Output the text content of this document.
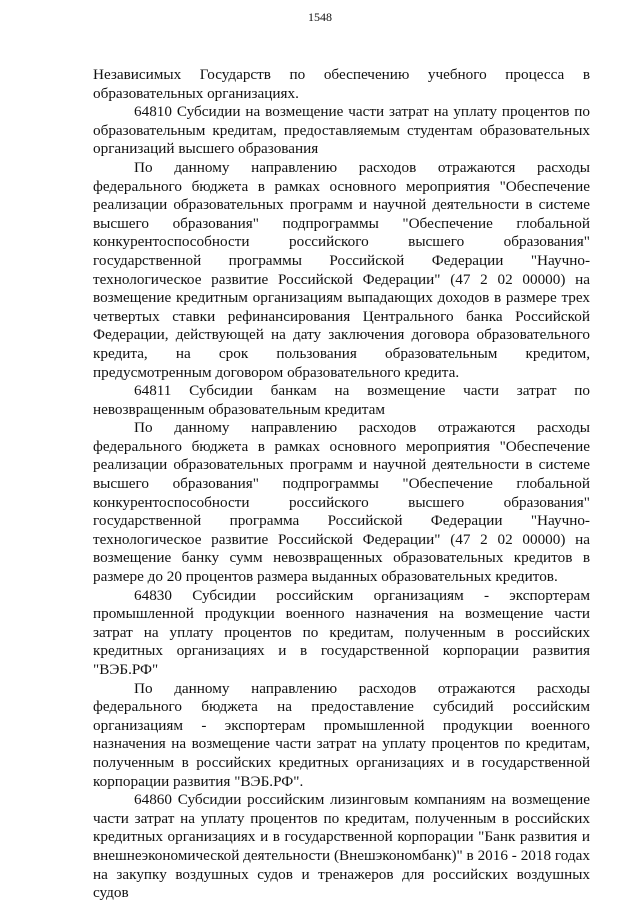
1548

Независимых Государств по обеспечению учебного процесса в образовательных организациях.

64810 Субсидии на возмещение части затрат на уплату процентов по образовательным кредитам, предоставляемым студентам образовательных организаций высшего образования

По данному направлению расходов отражаются расходы федерального бюджета в рамках основного мероприятия "Обеспечение реализации образовательных программ и научной деятельности в системе высшего образования" подпрограммы "Обеспечение глобальной конкурентоспособности российского высшего образования" государственной программы Российской Федерации "Научно-технологическое развитие Российской Федерации" (47 2 02 00000) на возмещение кредитным организациям выпадающих доходов в размере трех четвертых ставки рефинансирования Центрального банка Российской Федерации, действующей на дату заключения договора образовательного кредита, на срок пользования образовательным кредитом, предусмотренным договором образовательного кредита.

64811 Субсидии банкам на возмещение части затрат по невозвращенным образовательным кредитам

По данному направлению расходов отражаются расходы федерального бюджета в рамках основного мероприятия "Обеспечение реализации образовательных программ и научной деятельности в системе высшего образования" подпрограммы "Обеспечение глобальной конкурентоспособности российского высшего образования" государственной программа Российской Федерации "Научно-технологическое развитие Российской Федерации" (47 2 02 00000) на возмещение банку сумм невозвращенных образовательных кредитов в размере до 20 процентов размера выданных образовательных кредитов.

64830 Субсидии российским организациям - экспортерам промышленной продукции военного назначения на возмещение части затрат на уплату процентов по кредитам, полученным в российских кредитных организациях и в государственной корпорации развития "ВЭБ.РФ"

По данному направлению расходов отражаются расходы федерального бюджета на предоставление субсидий российским организациям - экспортерам промышленной продукции военного назначения на возмещение части затрат на уплату процентов по кредитам, полученным в российских кредитных организациях и в государственной корпорации развития "ВЭБ.РФ".

64860 Субсидии российским лизинговым компаниям на возмещение части затрат на уплату процентов по кредитам, полученным в российских кредитных организациях и в государственной корпорации "Банк развития и внешнеэкономической деятельности (Внешэкономбанк)" в 2016 - 2018 годах на закупку воздушных судов и тренажеров для российских воздушных судов
